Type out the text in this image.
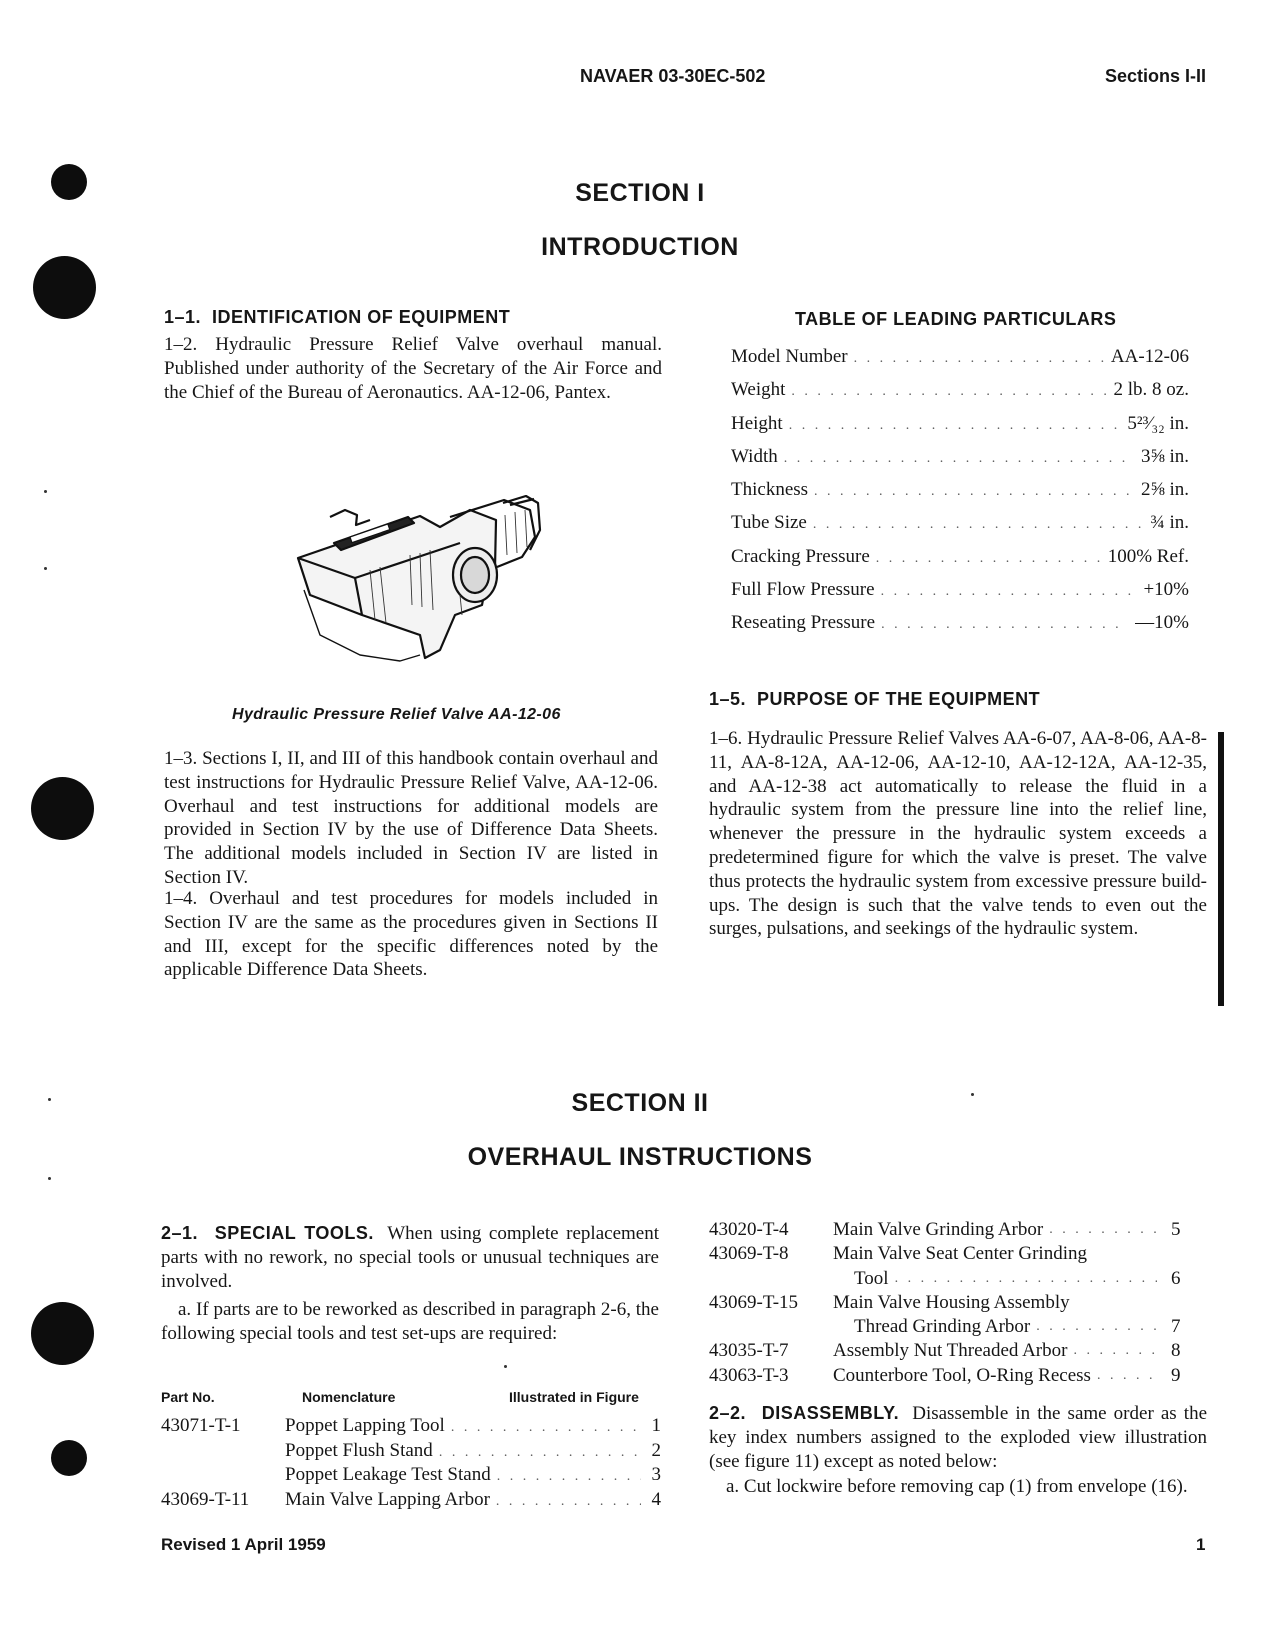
NAVAER 03-30EC-502	Sections I-II
SECTION I
INTRODUCTION
1–1.  IDENTIFICATION OF EQUIPMENT
1–2. Hydraulic Pressure Relief Valve overhaul manual. Published under authority of the Secretary of the Air Force and the Chief of the Bureau of Aeronautics. AA-12-06, Pantex.
Hydraulic Pressure Relief Valve AA-12-06
1–3. Sections I, II, and III of this handbook contain overhaul and test instructions for Hydraulic Pressure Relief Valve, AA-12-06. Overhaul and test instructions for additional models are provided in Section IV by the use of Difference Data Sheets. The additional models included in Section IV are listed in Section IV.
1–4. Overhaul and test procedures for models included in Section IV are the same as the procedures given in Sections II and III, except for the specific differences noted by the applicable Difference Data Sheets.
TABLE OF LEADING PARTICULARS
Model Number . . .	AA-12-06
Weight . . .	2 lb. 8 oz.
Height . . .	5²³⁄₃₂ in.
Width . . .	3⅝ in.
Thickness . . .	2⅝ in.
Tube Size . . .	¾ in.
Cracking Pressure . . .	100% Ref.
Full Flow Pressure . . .	+10%
Reseating Pressure . . .	—10%
1–5.  PURPOSE OF THE EQUIPMENT
1–6. Hydraulic Pressure Relief Valves AA-6-07, AA-8-06, AA-8-11, AA-8-12A, AA-12-06, AA-12-10, AA-12-12A, AA-12-35, and AA-12-38 act automatically to release the fluid in a hydraulic system from the pressure line into the relief line, whenever the pressure in the hydraulic system exceeds a predetermined figure for which the valve is preset. The valve thus protects the hydraulic system from excessive pressure build-ups. The design is such that the valve tends to even out the surges, pulsations, and seekings of the hydraulic system.
SECTION II
OVERHAUL INSTRUCTIONS
2–1.  SPECIAL TOOLS. When using complete replacement parts with no rework, no special tools or unusual techniques are involved.
a. If parts are to be reworked as described in paragraph 2-6, the following special tools and test set-ups are required:
Part No.	Nomenclature	Illustrated in Figure
43071-T-1 Poppet Lapping Tool . . .	1
Poppet Flush Stand . . .	2
Poppet Leakage Test Stand . . .	3
43069-T-11 Main Valve Lapping Arbor . . .	4
43020-T-4 Main Valve Grinding Arbor . . .	5
43069-T-8 Main Valve Seat Center Grinding
Tool . . .	6
43069-T-15 Main Valve Housing Assembly
Thread Grinding Arbor . . .	7
43035-T-7 Assembly Nut Threaded Arbor . . .	8
43063-T-3 Counterbore Tool, O-Ring Recess . . .	9
2–2.  DISASSEMBLY. Disassemble in the same order as the key index numbers assigned to the exploded view illustration (see figure 11) except as noted below:
a. Cut lockwire before removing cap (1) from envelope (16).
Revised 1 April 1959	1
